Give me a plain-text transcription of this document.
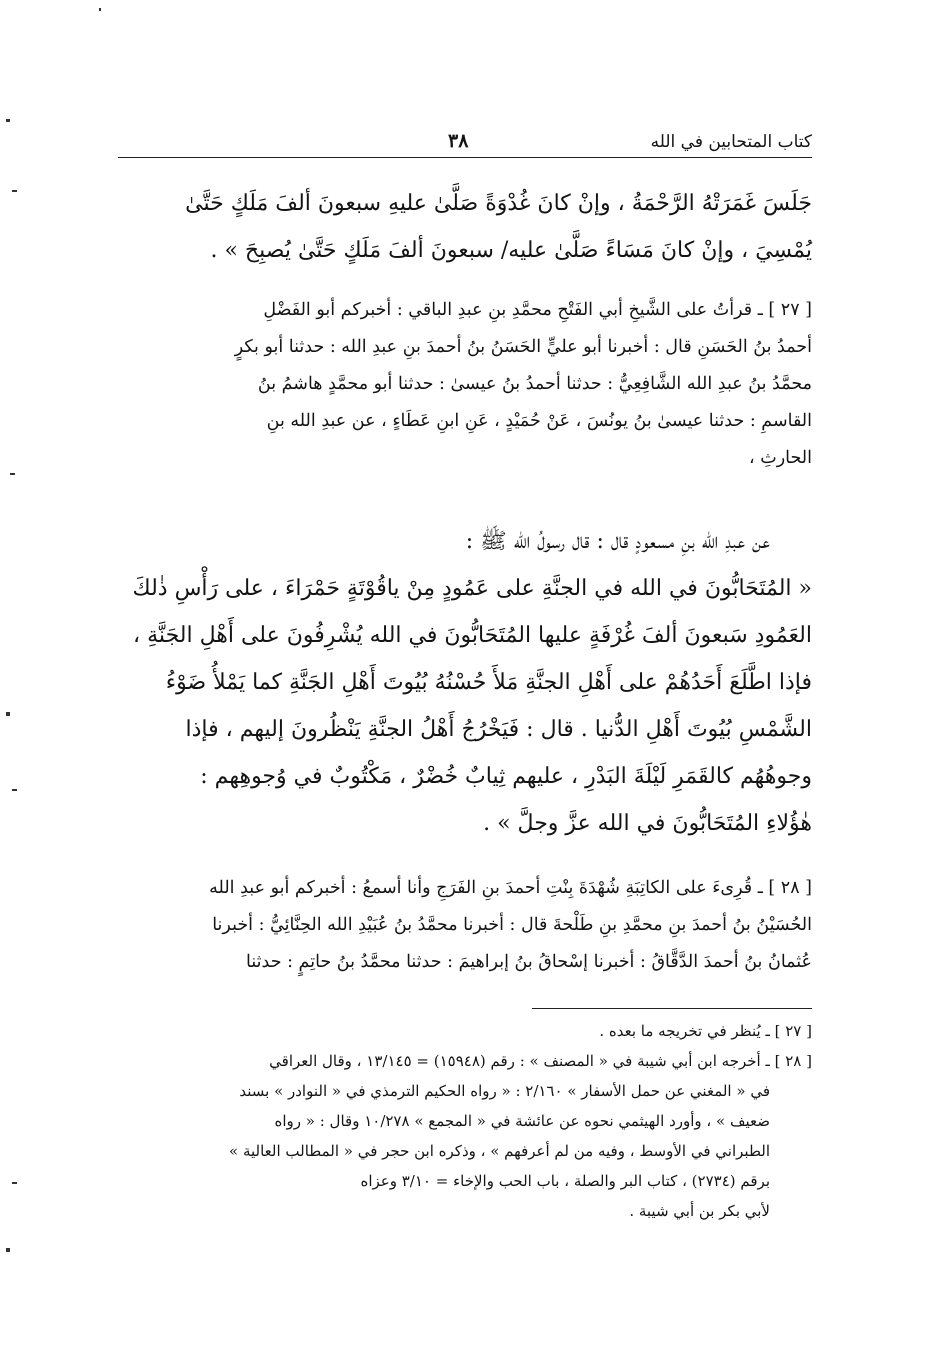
كتاب المتحابين في الله
٣٨
جَلَسَ غَمَرَتْهُ الرَّحْمَةُ ، وإنْ كانَ غُدْوَةً صَلَّىٰ عليهِ سبعونَ ألفَ مَلَكٍ حَتَّىٰ
يُمْسِيَ ، وإنْ كانَ مَسَاءً صَلَّىٰ عليه/ سبعونَ ألفَ مَلَكٍ حَتَّىٰ يُصبِحَ » .
[ ٢٧ ] ـ قرأتُ على الشَّيخِ أبي الفَتْحِ محمَّدِ بنِ عبدِ الباقي : أخبركم أبو الفَضْلِ
أحمدُ بنُ الحَسَنِ قال : أخبرنا أبو عليٍّ الحَسَنُ بنُ أحمدَ بنِ عبدِ الله : حدثنا أبو بكرٍ
محمَّدُ بنُ عبدِ الله الشَّافِعِيُّ : حدثنا أحمدُ بنُ عيسىٰ : حدثنا أبو محمَّدٍ هاشمُ بنُ
القاسمِ : حدثنا عيسىٰ بنُ يونُسَ ، عَنْ حُمَيْدٍ ، عَنِ ابنِ عَطَاءٍ ، عن عبدِ الله بنِ
الحارثِ ،
عن عبدِ الله بنِ مسعودٍ قال : قال رسولُ الله ﷺ :
« المُتَحَابُّونَ في الله في الجنَّةِ على عَمُودٍ مِنْ ياقُوْتَةٍ حَمْرَاءَ ، على رَأْسِ ذٰلكَ
العَمُودِ سَبعونَ ألفَ غُرْفَةٍ عليها المُتَحَابُّونَ في الله يُشْرِفُونَ على أَهْلِ الجَنَّةِ ،
فإذا اطَّلَعَ أَحَدُهُمْ على أَهْلِ الجنَّةِ مَلأَ حُسْنُهُ بُيُوتَ أَهْلِ الجَنَّةِ كما يَمْلأُ ضَوْءُ
الشَّمْسِ بُيُوتَ أَهْلِ الدُّنيا . قال : فَيَخْرُجُ أَهْلُ الجنَّةِ يَنْظُرونَ إليهم ، فإذا
وجوهُهُم كالقَمَرِ لَيْلَةَ البَدْرِ ، عليهم ثِيابٌ خُضْرٌ ، مَكْتُوبٌ في وُجوهِهم :
هٰؤُلاءِ المُتَحَابُّونَ في الله عزَّ وجلَّ » .
[ ٢٨ ] ـ قُرِىءَ على الكاتِبَةِ شُهْدَةَ بِنْتِ أحمدَ بنِ الفَرَجِ وأنا أسمعُ : أخبركم أبو عبدِ الله
الحُسَيْنُ بنُ أحمدَ بنِ محمَّدِ بنِ طَلْحةَ قال : أخبرنا محمَّدُ بنُ عُبَيْدِ الله الحِنَّائِيُّ : أخبرنا
عُثمانُ بنُ أحمدَ الدَّقَّاقُ : أخبرنا إسْحاقُ بنُ إبراهيمَ : حدثنا محمَّدُ بنُ حاتِمٍ : حدثنا
[ ٢٧ ] ـ يُنظر في تخريجه ما بعده .
[ ٢٨ ] ـ أخرجه ابن أبي شيبة في « المصنف » : رقم (١٥٩٤٨) = ١٣/١٤٥ ، وقال العراقي
في « المغني عن حمل الأسفار » ٢/١٦٠ : « رواه الحكيم الترمذي في « النوادر » بسند
ضعيف » ، وأورد الهيثمي نحوه عن عائشة في « المجمع » ١٠/٢٧٨ وقال : « رواه
الطبراني في الأوسط ، وفيه من لم أعرفهم » ، وذكره ابن حجر في « المطالب العالية »
برقم (٢٧٣٤) ، كتاب البر والصلة ، باب الحب والإخاء = ٣/١٠ وعزاه
لأبي بكر بن أبي شيبة .
